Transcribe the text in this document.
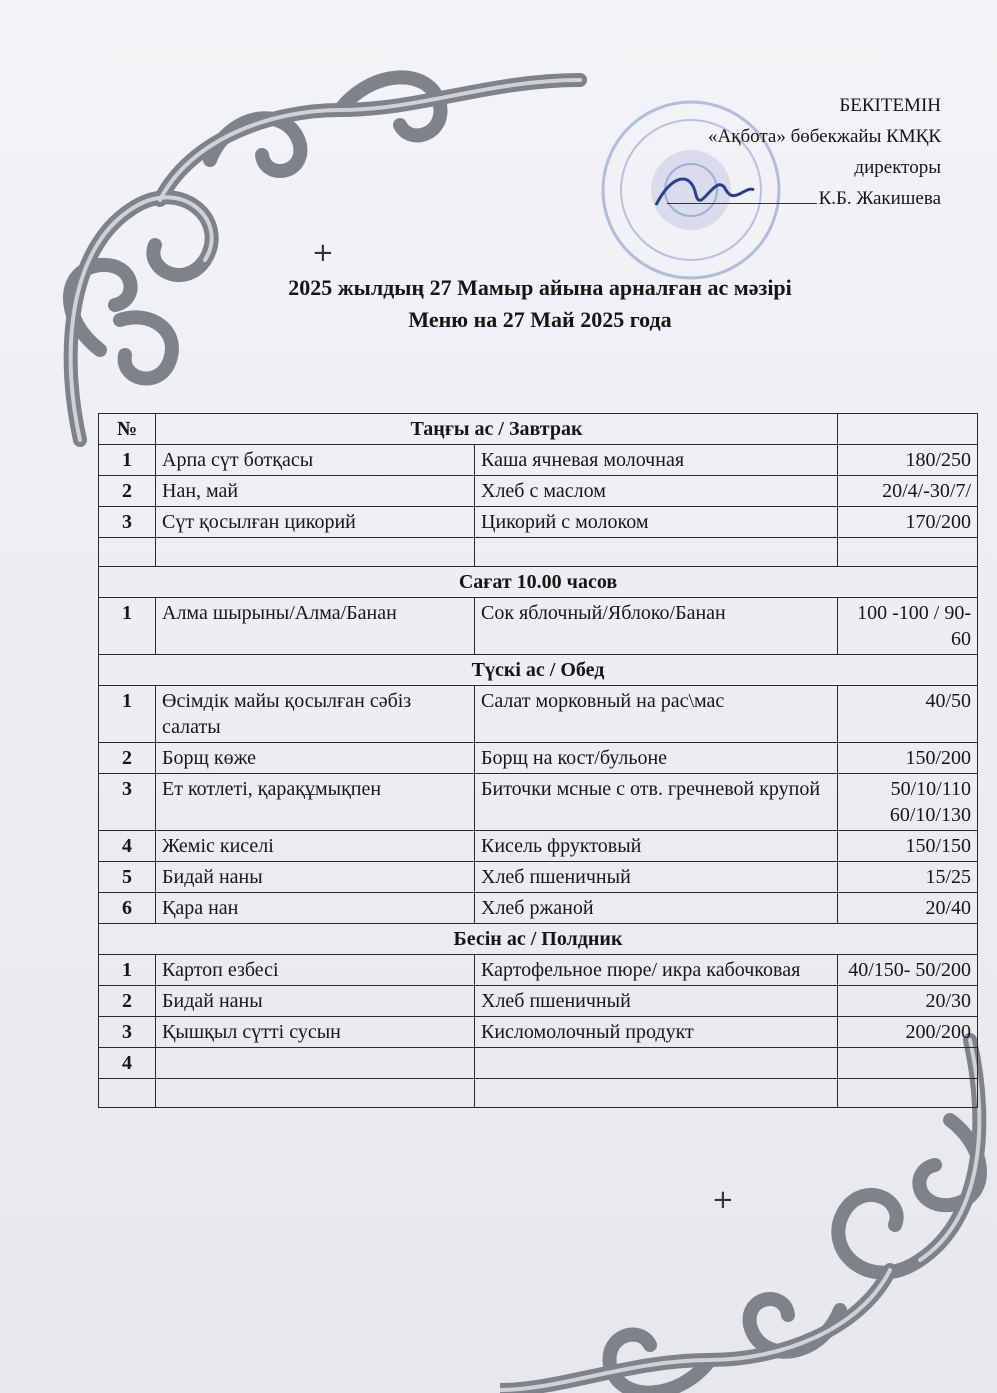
+
+
БЕКІТЕМІН
«Ақбота» бөбекжайы КМҚК
директоры
К.Б. Жакишева
2025 жылдың 27 Мамыр айына арналған ас мәзірі
Меню на 27 Май 2025 года
№	Таңғы ас / Завтрак		
1	Арпа сүт ботқасы	Каша ячневая молочная	180/250
2	Нан, май	Хлеб с маслом	20/4/-30/7/
3	Сүт қосылған цикорий	Цикорий с молоком	170/200

Сағат 10.00 часов			
1	Алма шырыны/Алма/Банан	Сок яблочный/Яблоко/Банан	100 -100 / 90-60
Түскі ас / Обед			
1	Өсімдік майы қосылған сәбіз салаты	Салат морковный на рас\мас	40/50
2	Борщ көже	Борщ на кост/бульоне	150/200
3	Ет котлеті, қарақұмықпен	Биточки мсные с отв. гречневой крупой	50/10/110 60/10/130
4	Жеміс киселі	Кисель фруктовый	150/150
5	Бидай наны	Хлеб пшеничный	15/25
6	Қара нан	Хлеб ржаной	20/40
Бесін ас / Полдник			
1	Картоп езбесі	Картофельное пюре/ икра кабочковая	40/150- 50/200
2	Бидай наны	Хлеб пшеничный	20/30
3	Қышқыл сүтті сусын	Кисломолочный продукт	200/200
4			
